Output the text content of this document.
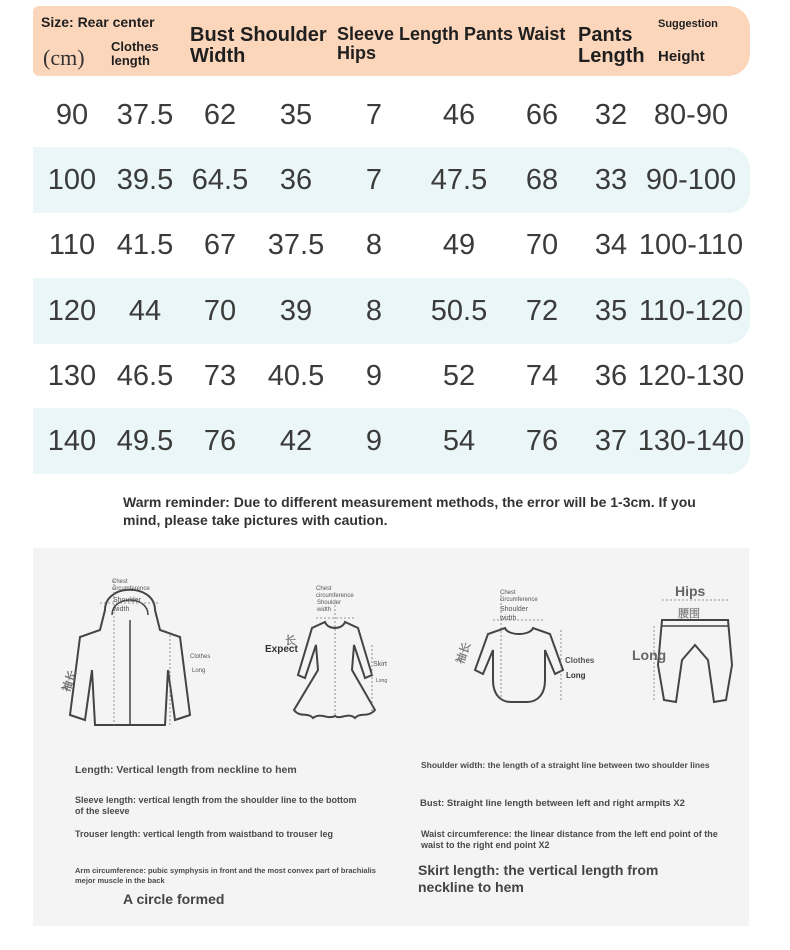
Size: Rear center
(cm) Clothes length
Bust Shoulder Width
Sleeve Length Pants Waist Hips
Pants Length
Suggestion
Height
90 37.5 62 35 7 46 66 32 80-90
100 39.5 64.5 36 7 47.5 68 33 90-100
110 41.5 67 37.5 8 49 70 34 100-110
120 44 70 39 8 50.5 72 35 110-120
130 46.5 73 40.5 9 52 74 36 120-130
140 49.5 76 42 9 54 76 37 130-140
Warm reminder: Due to different measurement methods, the error will be 1-3cm. If you mind, please take pictures with caution.
Chest circumference
Shoulder width
袖长
Clothes
Long
Chest circumference
Shoulder width
Expect
长
Skirt
Long
Chest circumference
Shoulder width
袖长	Clothes
Long
Hips
腰围
Long
Length: Vertical length from neckline to hem
Sleeve length: vertical length from the shoulder line to the bottom of the sleeve
Trouser length: vertical length from waistband to trouser leg
Arm circumference: pubic symphysis in front and the most convex part of brachialis mejor muscle in the back
A circle formed
Shoulder width: the length of a straight line between two shoulder lines
Bust: Straight line length between left and right armpits X2
Waist circumference: the linear distance from the left end point of the waist to the right end point X2
Skirt length: the vertical length from neckline to hem
